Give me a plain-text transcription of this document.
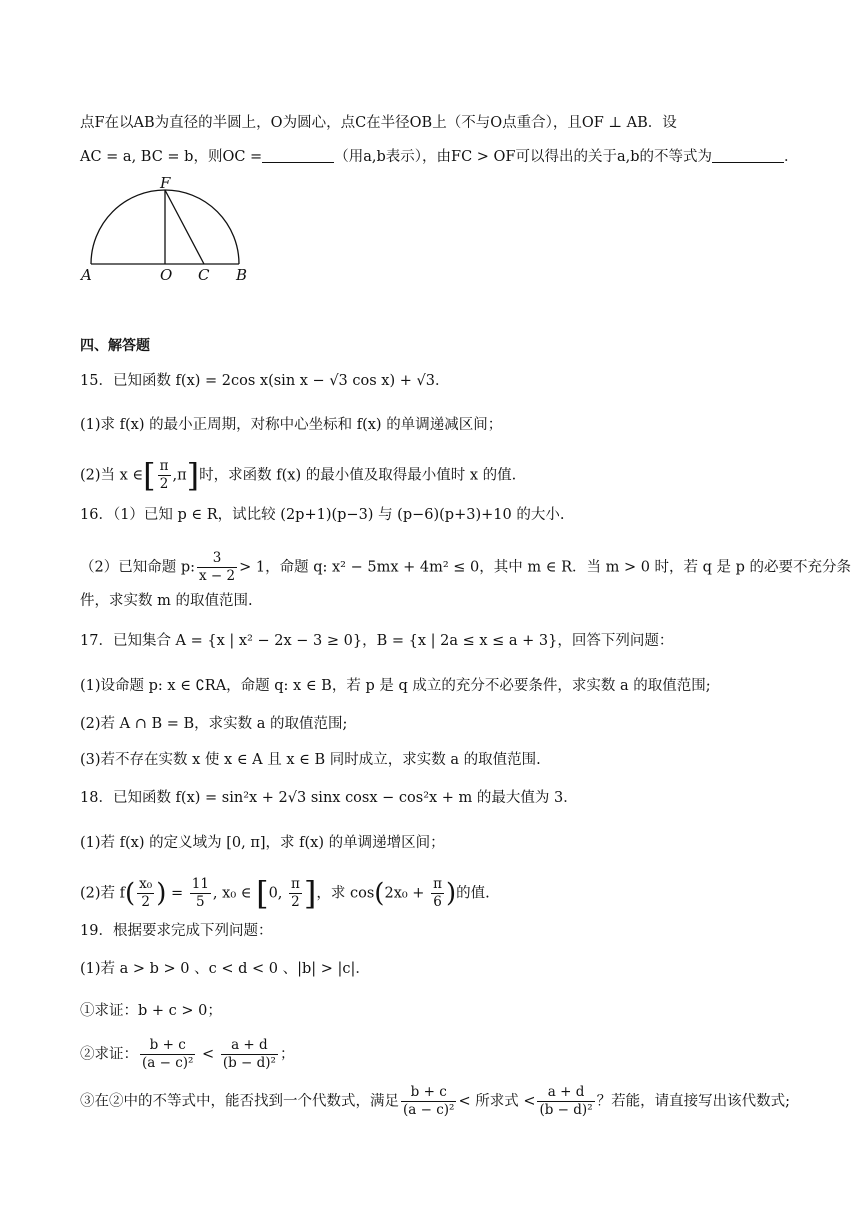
点F在以AB为直径的半圆上，O为圆心，点C在半径OB上（不与O点重合），且OF ⊥ AB．设
AC = a, BC = b，则OC =	（用a,b表示），由FC > OF可以得出的关于a,b的不等式为	．
A	O C B
F
四、解答题
15．已知函数 f(x) = 2cos x(sin x − √3 cos x) + √3．
(1)求 f(x) 的最小正周期，对称中心坐标和 f(x) 的单调递减区间；
(2)当 x ∈[ $\frac{\pi}{2} ,\pi$]时，求函数 f(x) 的最小值及取得最小值时 x 的值.
16．（1）已知 p ∈ R，试比较 (2p+1)(p−3) 与 (p−6)(p+3)+10 的大小.
（2）已知命题 p: $\frac{3}{x - 2} > 1$，命题 q: x² − 5mx + 4m² ≤ 0，其中 m ∈ R．当 m > 0 时，若 q 是 p 的必要不充分条
件，求实数 m 的取值范围.
17．已知集合 A = {x | x² − 2x − 3 ≥ 0}，B = {x | 2a ≤ x ≤ a + 3}，回答下列问题：
(1)设命题 p: x ∈ ∁RA，命题 q: x ∈ B，若 p 是 q 成立的充分不必要条件，求实数 a 的取值范围;
(2)若 A ∩ B = B，求实数 a 的取值范围;
(3)若不存在实数 x 使 x ∈ A 且 x ∈ B 同时成立，求实数 a 的取值范围.
18．已知函数 f(x) = sin²x + 2√3 sinx cosx − cos²x + m 的最大值为 3．
(1)若 f(x) 的定义域为 [0, π]，求 f(x) 的单调递增区间；
(2)若 $f( \frac{\text{x₀}}{2}$ ) = $\frac{11}{5}$ , x₀ ∈ [0, $\frac{\pi}{2}$ ]，求 $\cos(2x_0 + \frac{\pi}{6}$ )的值.
19．根据要求完成下列问题：
(1)若 a > b > 0 、c < d < 0 、|b| > |c|．
①求证：b + c > 0；
②求证： $\frac{b + c}{\text{(a − c)²}} < \frac{a + d}{\text{(b − d)²}}$ ；
③在②中的不等式中，能否找到一个代数式，满足 $\frac{b + c}{\text{(a − c)²}}$ < 所求式 < $\frac{a + d}{\text{(b − d)²}}$ ？若能，请直接写出该代数式;
